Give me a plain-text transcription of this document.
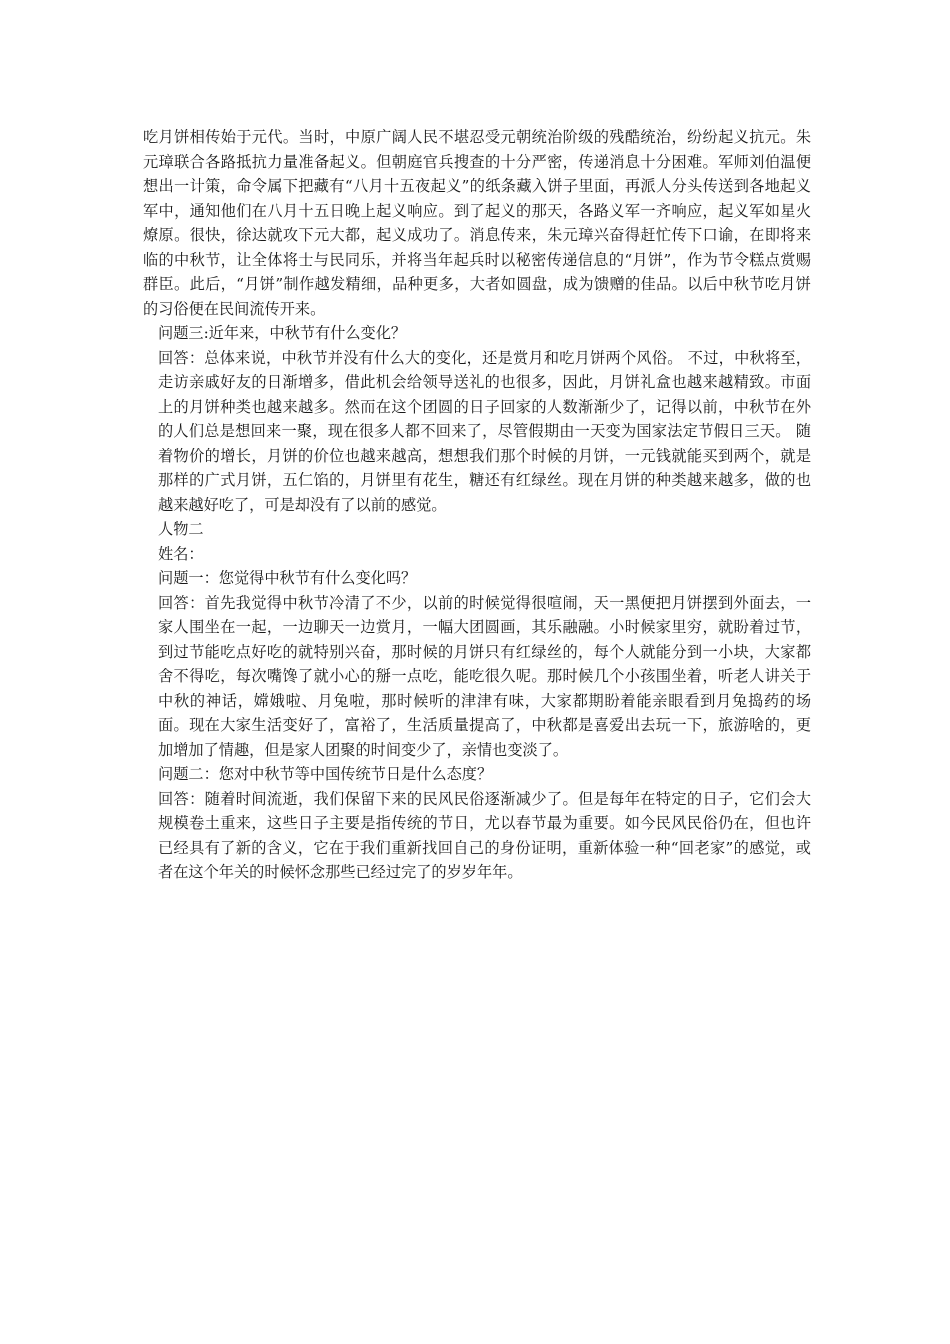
吃月饼相传始于元代。当时，中原广阔人民不堪忍受元朝统治阶级的残酷统治，纷纷起义抗元。朱元璋联合各路抵抗力量准备起义。但朝庭官兵搜查的十分严密，传递消息十分困难。军师刘伯温便想出一计策，命令属下把藏有“八月十五夜起义”的纸条藏入饼子里面，再派人分头传送到各地起义军中，通知他们在八月十五日晚上起义响应。到了起义的那天，各路义军一齐响应，起义军如星火燎原。很快，徐达就攻下元大都，起义成功了。消息传来，朱元璋兴奋得赶忙传下口谕，在即将来临的中秋节，让全体将士与民同乐，并将当年起兵时以秘密传递信息的“月饼”，作为节令糕点赏赐群臣。此后，“月饼”制作越发精细，品种更多，大者如圆盘，成为馈赠的佳品。以后中秋节吃月饼的习俗便在民间流传开来。

问题三:近年来，中秋节有什么变化？

回答：总体来说，中秋节并没有什么大的变化，还是赏月和吃月饼两个风俗。 不过，中秋将至，走访亲戚好友的日渐增多，借此机会给领导送礼的也很多，因此，月饼礼盒也越来越精致。市面上的月饼种类也越来越多。然而在这个团圆的日子回家的人数渐渐少了，记得以前，中秋节在外的人们总是想回来一聚，现在很多人都不回来了，尽管假期由一天变为国家法定节假日三天。 随着物价的增长，月饼的价位也越来越高，想想我们那个时候的月饼，一元钱就能买到两个，就是那样的广式月饼，五仁馅的，月饼里有花生，糖还有红绿丝。现在月饼的种类越来越多，做的也越来越好吃了，可是却没有了以前的感觉。

人物二

姓名：

问题一：您觉得中秋节有什么变化吗？

回答：首先我觉得中秋节冷清了不少，以前的时候觉得很喧闹，天一黑便把月饼摆到外面去，一家人围坐在一起，一边聊天一边赏月，一幅大团圆画，其乐融融。小时候家里穷，就盼着过节，到过节能吃点好吃的就特别兴奋，那时候的月饼只有红绿丝的，每个人就能分到一小块，大家都舍不得吃，每次嘴馋了就小心的掰一点吃，能吃很久呢。那时候几个小孩围坐着，听老人讲关于中秋的神话，嫦娥啦、月兔啦，那时候听的津津有味，大家都期盼着能亲眼看到月兔捣药的场面。现在大家生活变好了，富裕了，生活质量提高了，中秋都是喜爱出去玩一下，旅游啥的，更加增加了情趣，但是家人团聚的时间变少了，亲情也变淡了。

问题二：您对中秋节等中国传统节日是什么态度？

回答：随着时间流逝，我们保留下来的民风民俗逐渐减少了。但是每年在特定的日子，它们会大规模卷土重来，这些日子主要是指传统的节日，尤以春节最为重要。如今民风民俗仍在，但也许已经具有了新的含义，它在于我们重新找回自己的身份证明，重新体验一种“回老家”的感觉，或者在这个年关的时候怀念那些已经过完了的岁岁年年。
